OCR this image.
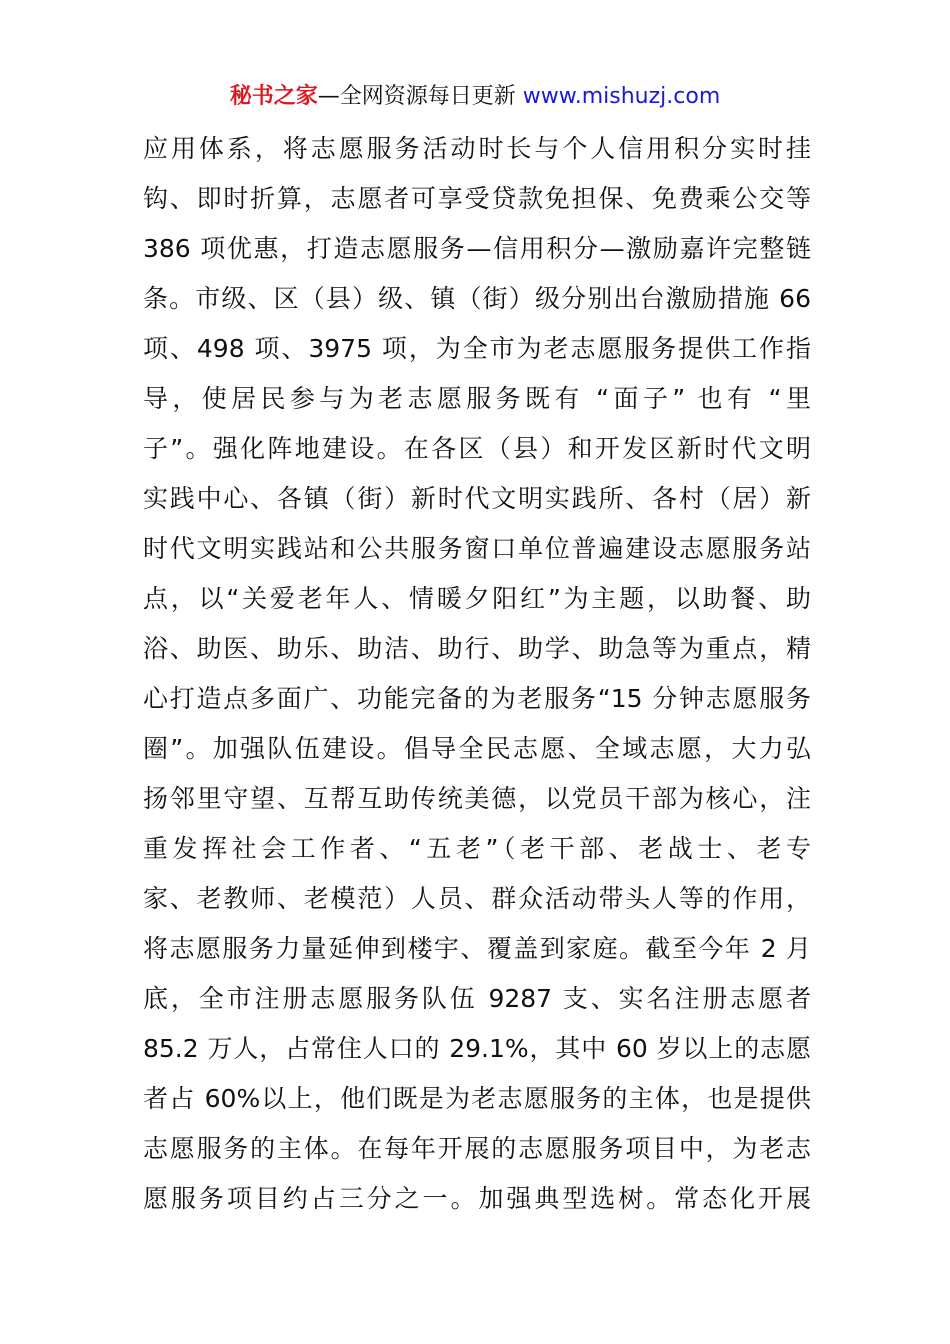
秘书之家—全网资源每日更新 www.mishuzj.com
应用体系，将志愿服务活动时长与个人信用积分实时挂
钩、即时折算，志愿者可享受贷款免担保、免费乘公交等
386 项优惠，打造志愿服务—信用积分—激励嘉许完整链
条。市级、区（县）级、镇（街）级分别出台激励措施 66
项、498 项、3975 项，为全市为老志愿服务提供工作指
导，使居民参与为老志愿服务既有 “面子” 也有 “里
子”。强化阵地建设。在各区（县）和开发区新时代文明
实践中心、各镇（街）新时代文明实践所、各村（居）新
时代文明实践站和公共服务窗口单位普遍建设志愿服务站
点，以“关爱老年人、情暖夕阳红”为主题，以助餐、助
浴、助医、助乐、助洁、助行、助学、助急等为重点，精
心打造点多面广、功能完备的为老服务“15 分钟志愿服务
圈”。加强队伍建设。倡导全民志愿、全域志愿，大力弘
扬邻里守望、互帮互助传统美德，以党员干部为核心，注
重发挥社会工作者、“五老”（老干部、老战士、老专
家、老教师、老模范）人员、群众活动带头人等的作用，
将志愿服务力量延伸到楼宇、覆盖到家庭。截至今年 2 月
底，全市注册志愿服务队伍 9287 支、实名注册志愿者
85.2 万人，占常住人口的 29.1%，其中 60 岁以上的志愿
者占 60%以上，他们既是为老志愿服务的主体，也是提供
志愿服务的主体。在每年开展的志愿服务项目中，为老志
愿服务项目约占三分之一。加强典型选树。常态化开展
